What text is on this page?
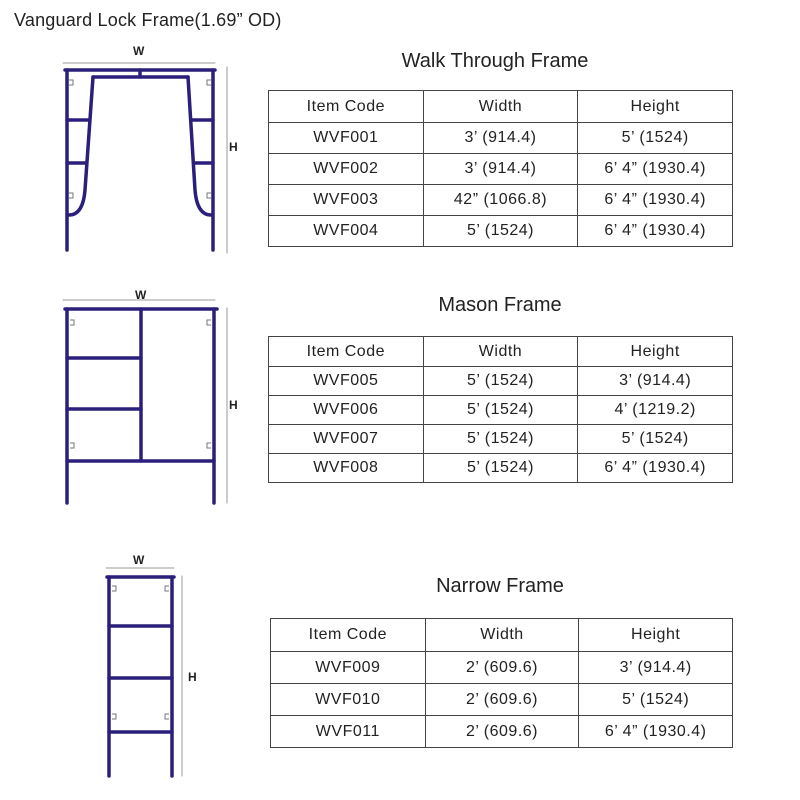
Vanguard Lock Frame(1.69” OD)
W
H
Walk Through Frame
Item Code	Width	Height
WVF001	3’ (914.4)	5’ (1524)
WVF002	3’ (914.4)	6’ 4” (1930.4)
WVF003	42” (1066.8)	6’ 4” (1930.4)
WVF004	5’ (1524)	6’ 4” (1930.4)
W
H
Mason Frame
Item Code	Width	Height
WVF005	5’ (1524)	3’ (914.4)
WVF006	5’ (1524)	4’ (1219.2)
WVF007	5’ (1524)	5’ (1524)
WVF008	5’ (1524)	6’ 4” (1930.4)
W
H
Narrow Frame
Item Code	Width	Height
WVF009	2’ (609.6)	3’ (914.4)
WVF010	2’ (609.6)	5’ (1524)
WVF011	2’ (609.6)	6’ 4” (1930.4)
